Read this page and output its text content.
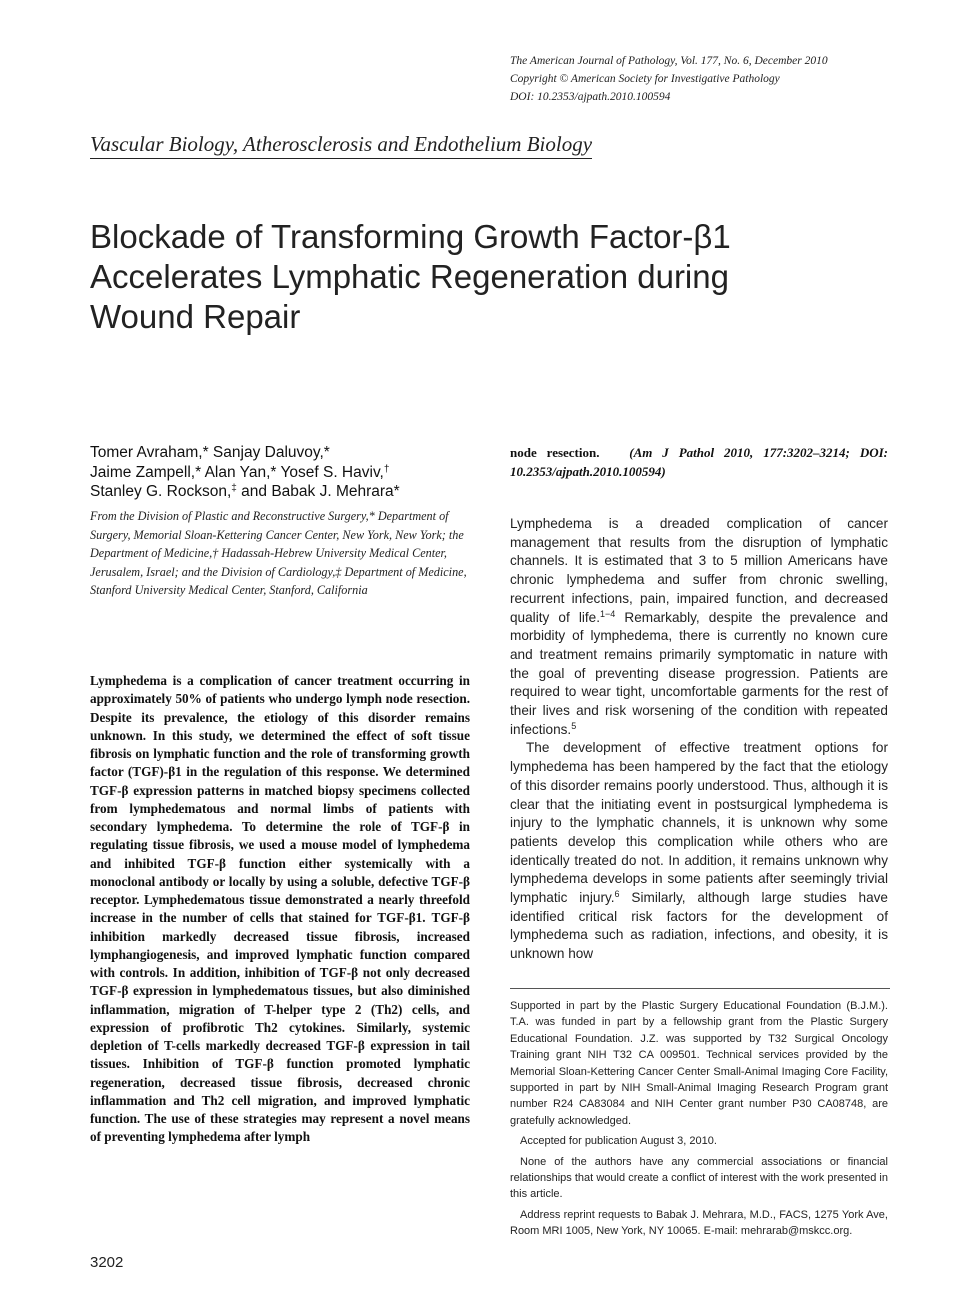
The American Journal of Pathology, Vol. 177, No. 6, December 2010
Copyright © American Society for Investigative Pathology
DOI: 10.2353/ajpath.2010.100594
Vascular Biology, Atherosclerosis and Endothelium Biology
Blockade of Transforming Growth Factor-β1
Accelerates Lymphatic Regeneration during
Wound Repair
Tomer Avraham,* Sanjay Daluvoy,*
Jaime Zampell,* Alan Yan,* Yosef S. Haviv,†
Stanley G. Rockson,‡ and Babak J. Mehrara*
From the Division of Plastic and Reconstructive Surgery,* Department of Surgery, Memorial Sloan-Kettering Cancer Center, New York, New York; the Department of Medicine,† Hadassah-Hebrew University Medical Center, Jerusalem, Israel; and the Division of Cardiology,‡ Department of Medicine, Stanford University Medical Center, Stanford, California

Lymphedema is a complication of cancer treatment occurring in approximately 50% of patients who undergo lymph node resection. Despite its prevalence, the etiology of this disorder remains unknown. In this study, we determined the effect of soft tissue fibrosis on lymphatic function and the role of transforming growth factor (TGF)-β1 in the regulation of this response. We determined TGF-β expression patterns in matched biopsy specimens collected from lymphedematous and normal limbs of patients with secondary lymphedema. To determine the role of TGF-β in regulating tissue fibrosis, we used a mouse model of lymphedema and inhibited TGF-β function either systemically with a monoclonal antibody or locally by using a soluble, defective TGF-β receptor. Lymphedematous tissue demonstrated a nearly threefold increase in the number of cells that stained for TGF-β1. TGF-β inhibition markedly decreased tissue fibrosis, increased lymphangiogenesis, and improved lymphatic function compared with controls. In addition, inhibition of TGF-β not only decreased TGF-β expression in lymphedematous tissues, but also diminished inflammation, migration of T-helper type 2 (Th2) cells, and expression of profibrotic Th2 cytokines. Similarly, systemic depletion of T-cells markedly decreased TGF-β expression in tail tissues. Inhibition of TGF-β function promoted lymphatic regeneration, decreased tissue fibrosis, decreased chronic inflammation and Th2 cell migration, and improved lymphatic function. The use of these strategies may represent a novel means of preventing lymphedema after lymph

node resection. (Am J Pathol 2010, 177:3202–3214; DOI: 10.2353/ajpath.2010.100594)

Lymphedema is a dreaded complication of cancer management that results from the disruption of lymphatic channels. It is estimated that 3 to 5 million Americans have chronic lymphedema and suffer from chronic swelling, recurrent infections, pain, impaired function, and decreased quality of life.$^{1-4}$ Remarkably, despite the prevalence and morbidity of lymphedema, there is currently no known cure and treatment remains primarily symptomatic in nature with the goal of preventing disease progression. Patients are required to wear tight, uncomfortable garments for the rest of their lives and risk worsening of the condition with repeated infections.$^5$

The development of effective treatment options for lymphedema has been hampered by the fact that the etiology of this disorder remains poorly understood. Thus, although it is clear that the initiating event in postsurgical lymphedema is injury to the lymphatic channels, it is unknown why some patients develop this complication while others who are identically treated do not. In addition, it remains unknown why lymphedema develops in some patients after seemingly trivial lymphatic injury.$^6$ Similarly, although large studies have identified critical risk factors for the development of lymphedema such as radiation, infections, and obesity, it is unknown how

Supported in part by the Plastic Surgery Educational Foundation (B.J.M.). T.A. was funded in part by a fellowship grant from the Plastic Surgery Educational Foundation. J.Z. was supported by T32 Surgical Oncology Training grant NIH T32 CA 009501. Technical services provided by the Memorial Sloan-Kettering Cancer Center Small-Animal Imaging Core Facility, supported in part by NIH Small-Animal Imaging Research Program grant number R24 CA83084 and NIH Center grant number P30 CA08748, are gratefully acknowledged.

Accepted for publication August 3, 2010.

None of the authors have any commercial associations or financial relationships that would create a conflict of interest with the work presented in this article.

Address reprint requests to Babak J. Mehrara, M.D., FACS, 1275 York Ave, Room MRI 1005, New York, NY 10065. E-mail: mehrarab@mskcc.org.

3202
